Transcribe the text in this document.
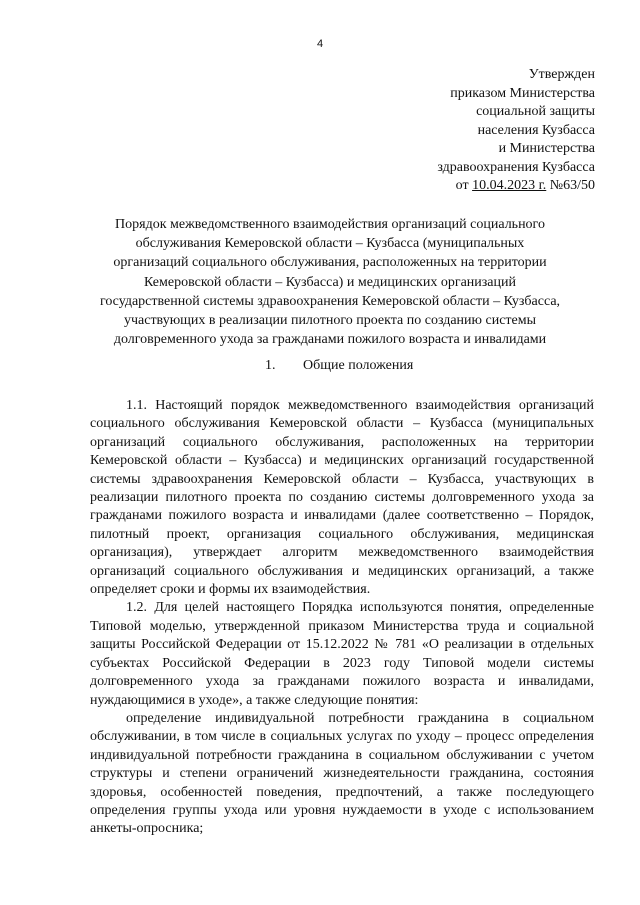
4
Утвержден
приказом Министерства
социальной защиты
населения Кузбасса
и Министерства
здравоохранения Кузбасса
от 10.04.2023 г. №63/50
Порядок межведомственного взаимодействия организаций социального
обслуживания Кемеровской области – Кузбасса (муниципальных
организаций социального обслуживания, расположенных на территории
Кемеровской области – Кузбасса) и медицинских организаций
государственной системы здравоохранения Кемеровской области – Кузбасса,
участвующих в реализации пилотного проекта по созданию системы
долговременного ухода за гражданами пожилого возраста и инвалидами
1. Общие положения

1.1. Настоящий порядок межведомственного взаимодействия организаций социального обслуживания Кемеровской области – Кузбасса (муниципальных организаций социального обслуживания, расположенных на территории Кемеровской области – Кузбасса) и медицинских организаций государственной системы здравоохранения Кемеровской области – Кузбасса, участвующих в реализации пилотного проекта по созданию системы долговременного ухода за гражданами пожилого возраста и инвалидами (далее соответственно – Порядок, пилотный проект, организация социального обслуживания, медицинская организация), утверждает алгоритм межведомственного взаимодействия организаций социального обслуживания и медицинских организаций, а также определяет сроки и формы их взаимодействия.

1.2. Для целей настоящего Порядка используются понятия, определенные Типовой моделью, утвержденной приказом Министерства труда и социальной защиты Российской Федерации от 15.12.2022 № 781 «О реализации в отдельных субъектах Российской Федерации в 2023 году Типовой модели системы долговременного ухода за гражданами пожилого возраста и инвалидами, нуждающимися в уходе», а также следующие понятия:

определение индивидуальной потребности гражданина в социальном обслуживании, в том числе в социальных услугах по уходу – процесс определения индивидуальной потребности гражданина в социальном обслуживании с учетом структуры и степени ограничений жизнедеятельности гражданина, состояния здоровья, особенностей поведения, предпочтений, а также последующего определения группы ухода или уровня нуждаемости в уходе с использованием анкеты-опросника;
